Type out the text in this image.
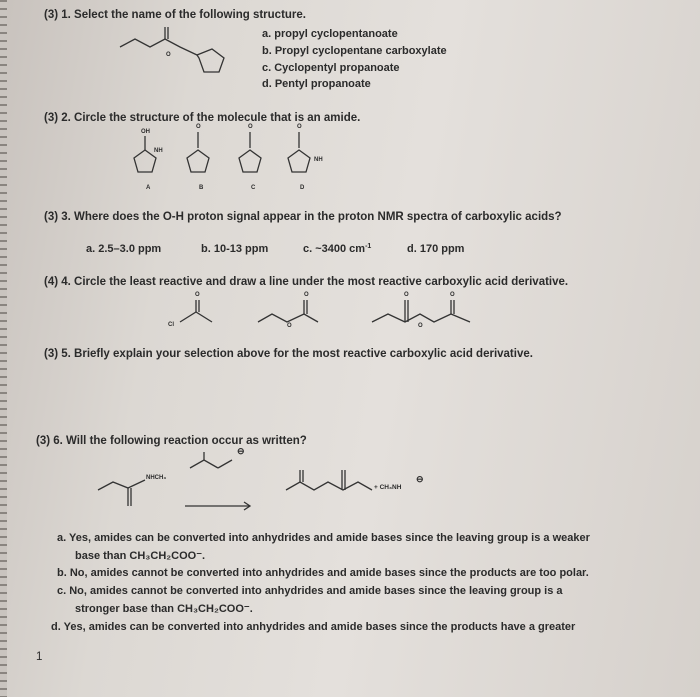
(3) 1. Select the name of the following structure.
O
a. propyl cyclopentanoate
b. Propyl cyclopentane carboxylate
c. Cyclopentyl propanoate
d. Pentyl propanoate
(3) 2. Circle the structure of the molecule that is an amide.
OH
O	O	O
NH
NH
A	B	C	D
(3) 3. Where does the O-H proton signal appear in the proton NMR spectra of carboxylic acids?
a. 2.5–3.0 ppm	b. 10-13 ppm	c. ~3400 $cm^{-1}$	d. 170 ppm
(4) 4. Circle the least reactive and draw a line under the most reactive carboxylic acid derivative.
O	O	O	O
Cl	O	O
(3) 5. Briefly explain your selection above for the most reactive carboxylic acid derivative.
(3) 6. Will the following reaction occur as written?
NHCH₃
⊖
+ CH₃NH
⊖
a. Yes, amides can be converted into anhydrides and amide bases since the leaving group is a weaker
base than CH₃CH₂COO⁻.
b. No, amides cannot be converted into anhydrides and amide bases since the products are too polar.
c. No, amides cannot be converted into anhydrides and amide bases since the leaving group is a
stronger base than CH₃CH₂COO⁻.
d. Yes, amides can be converted into anhydrides and amide bases since the products have a greater
1
